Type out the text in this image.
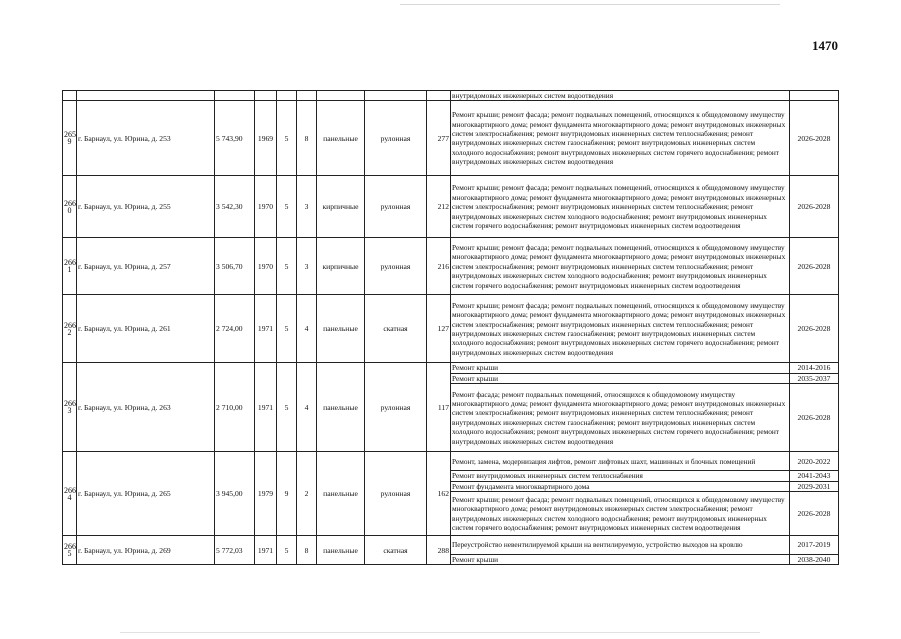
1470
									внутридомовых инженерных систем водоотведения	
265
9	г. Барнаул, ул. Юрина, д. 253	5 743,90	1969	5	8	панельные	рулонная	277	Ремонт крыши; ремонт фасада; ремонт подвальных помещений, относящихся к общедомовому имуществу многоквартирного дома; ремонт фундамента многоквартирного дома; ремонт внутридомовых инженерных систем электроснабжения; ремонт внутридомовых инженерных систем теплоснабжения; ремонт внутридомовых инженерных систем газоснабжения; ремонт внутридомовых инженерных систем холодного водоснабжения; ремонт внутридомовых инженерных систем горячего водоснабжения; ремонт внутридомовых инженерных систем водоотведения	2026-2028
266
0	г. Барнаул, ул. Юрина, д. 255	3 542,30	1970	5	3	кирпичные	рулонная	212	Ремонт крыши; ремонт фасада; ремонт подвальных помещений, относящихся к общедомовому имуществу многоквартирного дома; ремонт фундамента многоквартирного дома; ремонт внутридомовых инженерных систем электроснабжения; ремонт внутридомовых инженерных систем теплоснабжения; ремонт внутридомовых инженерных систем холодного водоснабжения; ремонт внутридомовых инженерных систем горячего водоснабжения; ремонт внутридомовых инженерных систем водоотведения	2026-2028
266
1	г. Барнаул, ул. Юрина, д. 257	3 506,70	1970	5	3	кирпичные	рулонная	216	Ремонт крыши; ремонт фасада; ремонт подвальных помещений, относящихся к общедомовому имуществу многоквартирного дома; ремонт фундамента многоквартирного дома; ремонт внутридомовых инженерных систем электроснабжения; ремонт внутридомовых инженерных систем теплоснабжения; ремонт внутридомовых инженерных систем холодного водоснабжения; ремонт внутридомовых инженерных систем горячего водоснабжения; ремонт внутридомовых инженерных систем водоотведения	2026-2028
266
2	г. Барнаул, ул. Юрина, д. 261	2 724,00	1971	5	4	панельные	скатная	127	Ремонт крыши; ремонт фасада; ремонт подвальных помещений, относящихся к общедомовому имуществу многоквартирного дома; ремонт фундамента многоквартирного дома; ремонт внутридомовых инженерных систем электроснабжения; ремонт внутридомовых инженерных систем теплоснабжения; ремонт внутридомовых инженерных систем газоснабжения; ремонт внутридомовых инженерных систем холодного водоснабжения; ремонт внутридомовых инженерных систем горячего водоснабжения; ремонт внутридомовых инженерных систем водоотведения	2026-2028
266
3	г. Барнаул, ул. Юрина, д. 263	2 710,00	1971	5	4	панельные	рулонная	117	Ремонт крыши	2014-2016
									Ремонт крыши	2035-2037
									Ремонт фасада; ремонт подвальных помещений, относящихся к общедомовому имуществу многоквартирного дома; ремонт фундамента многоквартирного дома; ремонт внутридомовых инженерных систем электроснабжения; ремонт внутридомовых инженерных систем теплоснабжения; ремонт внутридомовых инженерных систем газоснабжения; ремонт внутридомовых инженерных систем холодного водоснабжения; ремонт внутридомовых инженерных систем горячего водоснабжения; ремонт внутридомовых инженерных систем водоотведения	2026-2028
266
4	г. Барнаул, ул. Юрина, д. 265	3 945,00	1979	9	2	панельные	рулонная	162	Ремонт, замена, модернизация лифтов, ремонт лифтовых шахт, машинных и блочных помещений	2020-2022
									Ремонт внутридомовых инженерных систем теплоснабжения	2041-2043
									Ремонт фундамента многоквартирного дома	2029-2031
									Ремонт крыши; ремонт фасада; ремонт подвальных помещений, относящихся к общедомовому имуществу многоквартирного дома; ремонт внутридомовых инженерных систем электроснабжения; ремонт внутридомовых инженерных систем холодного водоснабжения; ремонт внутридомовых инженерных систем горячего водоснабжения; ремонт внутридомовых инженерных систем водоотведения	2026-2028
266
5	г. Барнаул, ул. Юрина, д. 269	5 772,03	1971	5	8	панельные	скатная	288	Переустройство невентилируемой крыши на вентилируемую, устройство выходов на кровлю	2017-2019
									Ремонт крыши	2038-2040
